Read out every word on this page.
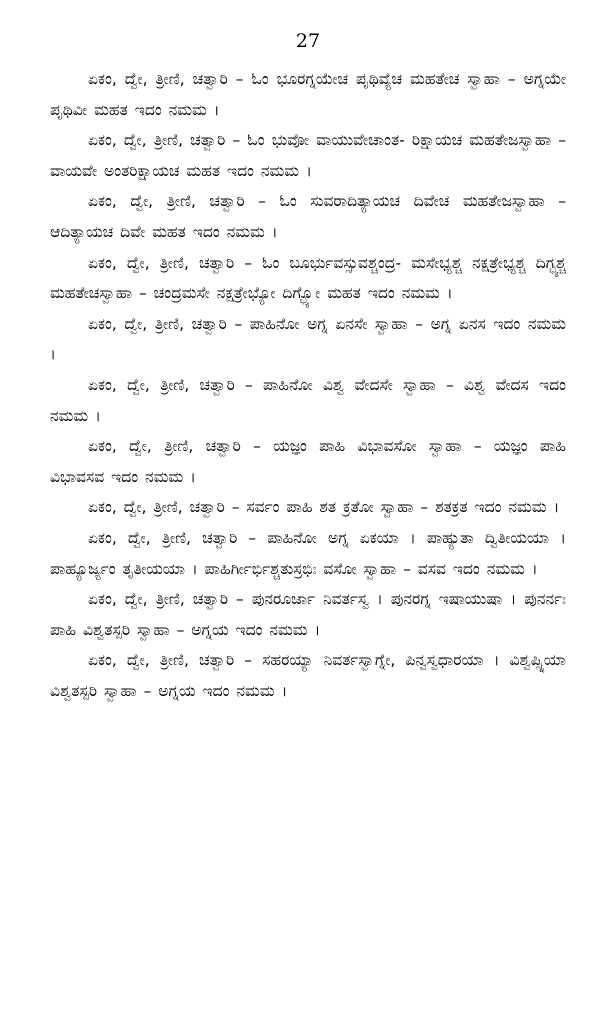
27

ಏಕಂ, ದ್ವೇ, ತ್ರೀಣಿ, ಚತ್ವಾರಿ – ಓಂ ಭೂರಗ್ನಯೇಚ ಪೃಥಿವ್ಯೆಚ ಮಹತೇಚ ಸ್ವಾಹಾ – ಅಗ್ನಯೇ ಪೃಥಿವೀ ಮಹತ ಇದಂ ನಮಮ ।

ಏಕಂ, ದ್ವೇ, ತ್ರೀಣಿ, ಚತ್ವಾರಿ – ಓಂ ಭುವೋ ವಾಯುವೇಚಾಂತ- ರಿಕ್ಷಾಯಚ ಮಹತೇಜಸ್ವಾಹಾ – ವಾಯವೇ ಅಂತರಿಕ್ಷಾಯಚ ಮಹತ ಇದಂ ನಮಮ ।

ಏಕಂ, ದ್ವೇ, ತ್ರೀಣಿ, ಚತ್ವಾರಿ – ಓಂ ಸುವರಾದಿತ್ಯಾಯಚ ದಿವೇಚ ಮಹತೇಜಸ್ವಾಹಾ – ಆದಿತ್ಯಾಯಚ ದಿವೇ ಮಹತ ಇದಂ ನಮಮ ।

ಏಕಂ, ದ್ವೇ, ತ್ರೀಣಿ, ಚತ್ವಾರಿ – ಓಂ ಬೂರ್ಭುವಸ್ಸುವಶ್ಚಂದ್ರ- ಮಸೇಭ್ಯಶ್ಚ ನಕ್ಷತ್ರೇಭ್ಯಶ್ಚ ದಿಗ್ಭ್ಯಶ್ಚ ಮಹತೇಚಸ್ವಾಹಾ – ಚಂದ್ರಮಸೇ ನಕ್ಷತ್ರೇಭ್ಯೋ ದಿಗ್ಭ್ಯೋ ಮಹತ ಇದಂ ನಮಮ ।

ಏಕಂ, ದ್ವೇ, ತ್ರೀಣಿ, ಚತ್ವಾರಿ – ಪಾಹಿನೋ ಅಗ್ನ ಏನಸೇ ಸ್ವಾಹಾ – ಅಗ್ನ ಏನಸ ಇದಂ ನಮಮ ।

ಏಕಂ, ದ್ವೇ, ತ್ರೀಣಿ, ಚತ್ವಾರಿ – ಪಾಹಿನೋ ವಿಶ್ವ ವೇದಸೇ ಸ್ವಾಹಾ – ವಿಶ್ವ ವೇದಸ ಇದಂ ನಮಮ ।

ಏಕಂ, ದ್ವೇ, ತ್ರೀಣಿ, ಚತ್ವಾರಿ – ಯಜ್ಞಂ ಪಾಹಿ ವಿಭಾವಸೋ ಸ್ವಾಹಾ – ಯಜ್ಞಂ ಪಾಹಿ ವಿಭಾವಸವ ಇದಂ ನಮಮ ।

ಏಕಂ, ದ್ವೇ, ತ್ರೀಣಿ, ಚತ್ವಾರಿ – ಸರ್ವಂ ಪಾಹಿ ಶತ ಕ್ರತೋ ಸ್ವಾಹಾ – ಶತಕ್ರತ ಇದಂ ನಮಮ ।

ಏಕಂ, ದ್ವೇ, ತ್ರೀಣಿ, ಚತ್ವಾರಿ – ಪಾಹಿನೋ ಅಗ್ನ ಏಕಯಾ । ಪಾಹ್ಯುತಾ ದ್ವಿತೀಯಯಾ । ಪಾಹ್ಯೂರ್ಜ್ಯಂ ತೃತೀಯಯಾ । ಪಾಹಿರ್ಗೀರ್ಭಿಶ್ಚತುಸ್ರಭಿಃ ವಸೋ ಸ್ವಾಹಾ – ವಸವ ಇದಂ ನಮಮ ।

ಏಕಂ, ದ್ವೇ, ತ್ರೀಣಿ, ಚತ್ವಾರಿ – ಪುನರೂರ್ಜಾ ನಿವರ್ತಸ್ವ । ಪುನರಗ್ನ ಇಷಾಯುಷಾ । ಪುನರ್ನಃ ಪಾಹಿ ವಿಶ್ವತಸ್ಪರಿ ಸ್ವಾಹಾ – ಅಗ್ನಯ ಇದಂ ನಮಮ ।

ಏಕಂ, ದ್ವೇ, ತ್ರೀಣಿ, ಚತ್ವಾರಿ – ಸಹರಯ್ಯಾ ನಿವರ್ತಸ್ವಾಗ್ನೇ, ಪಿನ್ವಸ್ವಧಾರಯಾ । ವಿಶ್ವಪ್ಸ್ನಿಯಾ ವಿಶ್ವತಸ್ಪರಿ ಸ್ವಾಹಾ – ಅಗ್ನಯ ಇದಂ ನಮಮ ।
